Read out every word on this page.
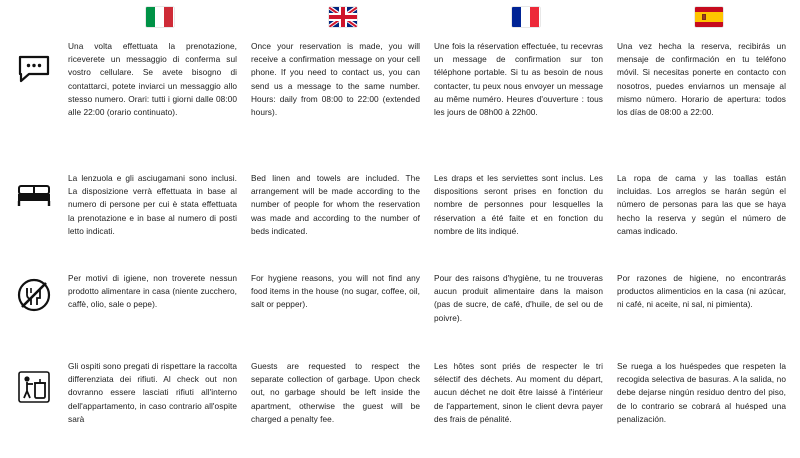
Una volta effettuata la prenotazione, riceverete un messaggio di conferma sul vostro cellulare. Se avete bisogno di contattarci, potete inviarci un messaggio allo stesso numero. Orari: tutti i giorni dalle 08:00 alle 22:00 (orario continuato).
Once your reservation is made, you will receive a confirmation message on your cell phone. If you need to contact us, you can send us a message to the same number. Hours: daily from 08:00 to 22:00 (extended hours).
Une fois la réservation effectuée, tu recevras un message de confirmation sur ton téléphone portable. Si tu as besoin de nous contacter, tu peux nous envoyer un message au même numéro. Heures d'ouverture : tous les jours de 08h00 à 22h00.
Una vez hecha la reserva, recibirás un mensaje de confirmación en tu teléfono móvil. Si necesitas ponerte en contacto con nosotros, puedes enviarnos un mensaje al mismo número. Horario de apertura: todos los días de 08:00 a 22:00.
La lenzuola e gli asciugamani sono inclusi. La disposizione verrà effettuata in base al numero di persone per cui è stata effettuata la prenotazione e in base al numero di posti letto indicati.
Bed linen and towels are included. The arrangement will be made according to the number of people for whom the reservation was made and according to the number of beds indicated.
Les draps et les serviettes sont inclus. Les dispositions seront prises en fonction du nombre de personnes pour lesquelles la réservation a été faite et en fonction du nombre de lits indiqué.
La ropa de cama y las toallas están incluidas. Los arreglos se harán según el número de personas para las que se haya hecho la reserva y según el número de camas indicado.
Per motivi di igiene, non troverete nessun prodotto alimentare in casa (niente zucchero, caffè, olio, sale o pepe).
For hygiene reasons, you will not find any food items in the house (no sugar, coffee, oil, salt or pepper).
Pour des raisons d'hygiène, tu ne trouveras aucun produit alimentaire dans la maison (pas de sucre, de café, d'huile, de sel ou de poivre).
Por razones de higiene, no encontrarás productos alimenticios en la casa (ni azúcar, ni café, ni aceite, ni sal, ni pimienta).
Gli ospiti sono pregati di rispettare la raccolta differenziata dei rifiuti. Al check out non dovranno essere lasciati rifiuti all'interno dell'appartamento, in caso contrario all'ospite sarà
Guests are requested to respect the separate collection of garbage. Upon check out, no garbage should be left inside the apartment, otherwise the guest will be charged a penalty fee.
Les hôtes sont priés de respecter le tri sélectif des déchets. Au moment du départ, aucun déchet ne doit être laissé à l'intérieur de l'appartement, sinon le client devra payer des frais de pénalité.
Se ruega a los huéspedes que respeten la recogida selectiva de basuras. A la salida, no debe dejarse ningún residuo dentro del piso, de lo contrario se cobrará al huésped una penalización.
